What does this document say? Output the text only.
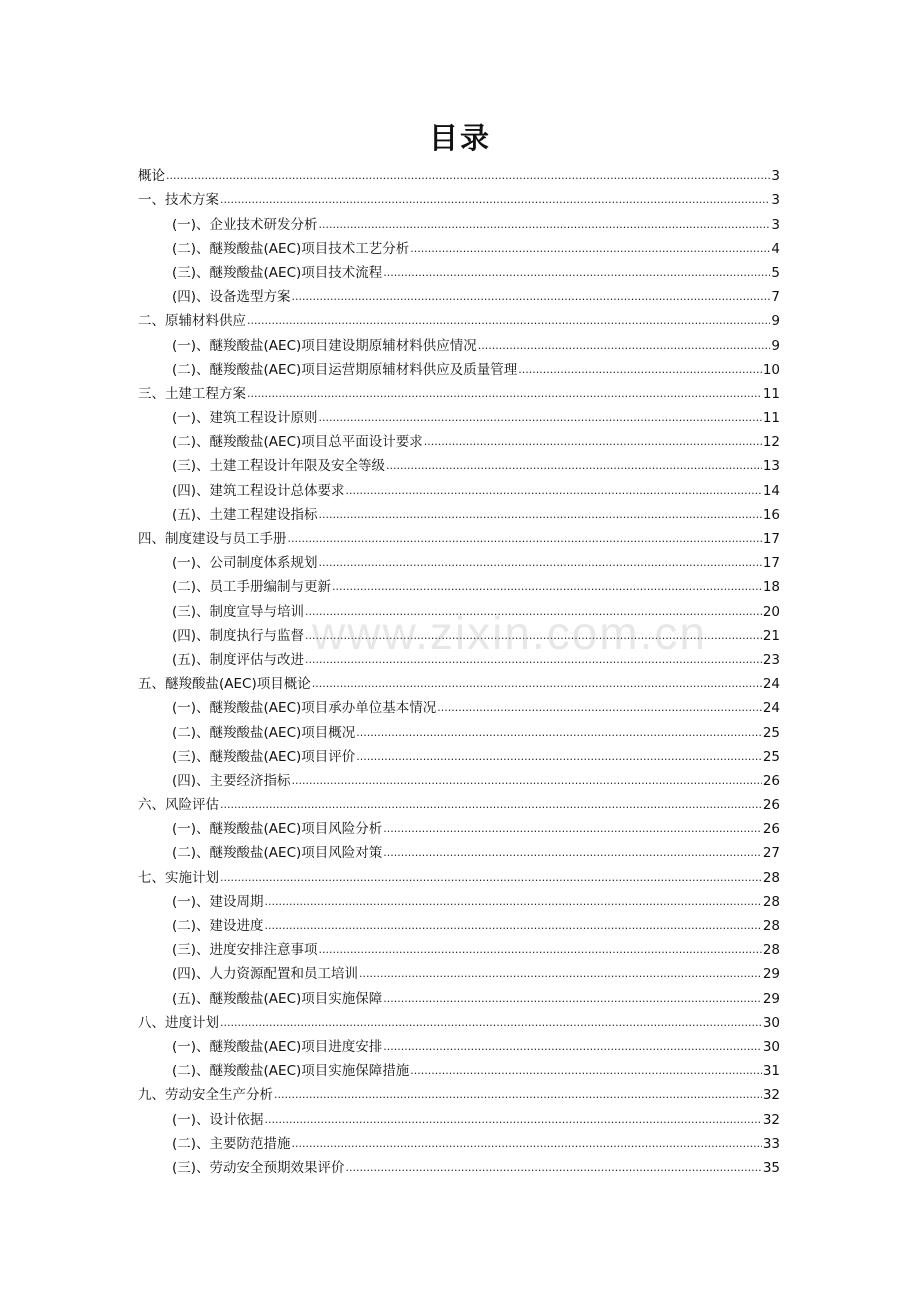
目录
概论 .....	3
一、技术方案 .....	3
(一)、企业技术研发分析 .....	3
(二)、醚羧酸盐(AEC)项目技术工艺分析 .....	4
(三)、醚羧酸盐(AEC)项目技术流程 .....	5
(四)、设备选型方案 .....	7
二、原辅材料供应 .....	9
(一)、醚羧酸盐(AEC)项目建设期原辅材料供应情况 .....	9
(二)、醚羧酸盐(AEC)项目运营期原辅材料供应及质量管理 .....	10
三、土建工程方案 .....	11
(一)、建筑工程设计原则 .....	11
(二)、醚羧酸盐(AEC)项目总平面设计要求 .....	12
(三)、土建工程设计年限及安全等级 .....	13
(四)、建筑工程设计总体要求 .....	14
(五)、土建工程建设指标 .....	16
四、制度建设与员工手册 .....	17
(一)、公司制度体系规划 .....	17
(二)、员工手册编制与更新 .....	18
(三)、制度宣导与培训 .....	20
(四)、制度执行与监督 .....	21
(五)、制度评估与改进 .....	23
五、醚羧酸盐(AEC)项目概论 .....	24
(一)、醚羧酸盐(AEC)项目承办单位基本情况 .....	24
(二)、醚羧酸盐(AEC)项目概况 .....	25
(三)、醚羧酸盐(AEC)项目评价 .....	25
(四)、主要经济指标 .....	26
六、风险评估 .....	26
(一)、醚羧酸盐(AEC)项目风险分析 .....	26
(二)、醚羧酸盐(AEC)项目风险对策 .....	27
七、实施计划 .....	28
(一)、建设周期 .....	28
(二)、建设进度 .....	28
(三)、进度安排注意事项 .....	28
(四)、人力资源配置和员工培训 .....	29
(五)、醚羧酸盐(AEC)项目实施保障 .....	29
八、进度计划 .....	30
(一)、醚羧酸盐(AEC)项目进度安排 .....	30
(二)、醚羧酸盐(AEC)项目实施保障措施 .....	31
九、劳动安全生产分析 .....	32
(一)、设计依据 .....	32
(二)、主要防范措施 .....	33
(三)、劳动安全预期效果评价 .....	35
www.zixin.com.cn
